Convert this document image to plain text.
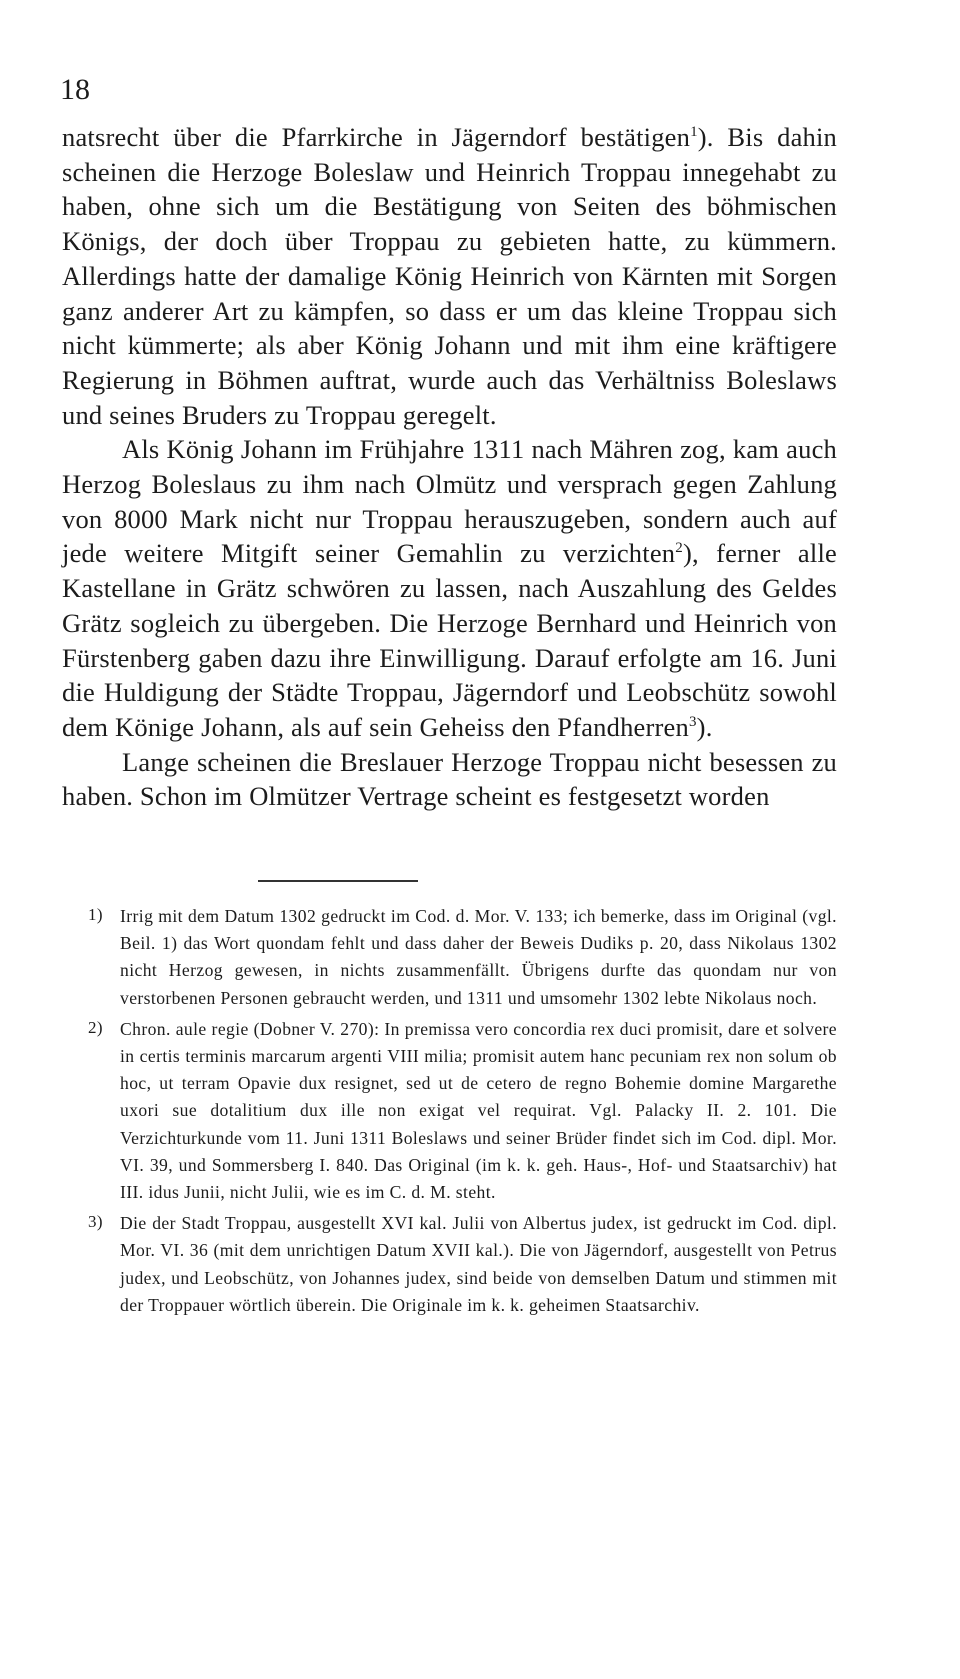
18

natsrecht über die Pfarrkirche in Jägerndorf bestätigen$^1$). Bis dahin scheinen die Herzoge Boleslaw und Heinrich Troppau innegehabt zu haben, ohne sich um die Bestätigung von Seiten des böhmischen Königs, der doch über Troppau zu gebieten hatte, zu kümmern. Allerdings hatte der damalige König Heinrich von Kärnten mit Sorgen ganz anderer Art zu kämpfen, so dass er um das kleine Troppau sich nicht kümmerte; als aber König Johann und mit ihm eine kräftigere Regierung in Böhmen auftrat, wurde auch das Verhältniss Boleslaws und seines Bruders zu Troppau geregelt.

Als König Johann im Frühjahre 1311 nach Mähren zog, kam auch Herzog Boleslaus zu ihm nach Olmütz und versprach gegen Zahlung von 8000 Mark nicht nur Troppau herauszugeben, sondern auch auf jede weitere Mitgift seiner Gemahlin zu verzichten$^2$), ferner alle Kastellane in Grätz schwören zu lassen, nach Auszahlung des Geldes Grätz sogleich zu übergeben. Die Herzoge Bernhard und Heinrich von Fürstenberg gaben dazu ihre Einwilligung. Darauf erfolgte am 16. Juni die Huldigung der Städte Troppau, Jägerndorf und Leobschütz sowohl dem Könige Johann, als auf sein Geheiss den Pfandherren$^3$).

Lange scheinen die Breslauer Herzoge Troppau nicht besessen zu haben. Schon im Olmützer Vertrage scheint es festgesetzt worden

1) Irrig mit dem Datum 1302 gedruckt im Cod. d. Mor. V. 133; ich bemerke, dass im Original (vgl. Beil. 1) das Wort quondam fehlt und dass daher der Beweis Dudiks p. 20, dass Nikolaus 1302 nicht Herzog gewesen, in nichts zusammenfällt. Übrigens durfte das quondam nur von verstorbenen Personen gebraucht werden, und 1311 und umsomehr 1302 lebte Nikolaus noch.
2) Chron. aule regie (Dobner V. 270): In premissa vero concordia rex duci promisit, dare et solvere in certis terminis marcarum argenti VIII milia; promisit autem hanc pecuniam rex non solum ob hoc, ut terram Opavie dux resignet, sed ut de cetero de regno Bohemie domine Margarethe uxori sue dotalitium dux ille non exigat vel requirat. Vgl. Palacky II. 2. 101. Die Verzichturkunde vom 11. Juni 1311 Boleslaws und seiner Brüder findet sich im Cod. dipl. Mor. VI. 39, und Sommersberg I. 840. Das Original (im k. k. geh. Haus-, Hof- und Staatsarchiv) hat III. idus Junii, nicht Julii, wie es im C. d. M. steht.
3) Die der Stadt Troppau, ausgestellt XVI kal. Julii von Albertus judex, ist gedruckt im Cod. dipl. Mor. VI. 36 (mit dem unrichtigen Datum XVII kal.). Die von Jägerndorf, ausgestellt von Petrus judex, und Leobschütz, von Johannes judex, sind beide von demselben Datum und stimmen mit der Troppauer wörtlich überein. Die Originale im k. k. geheimen Staatsarchiv.
